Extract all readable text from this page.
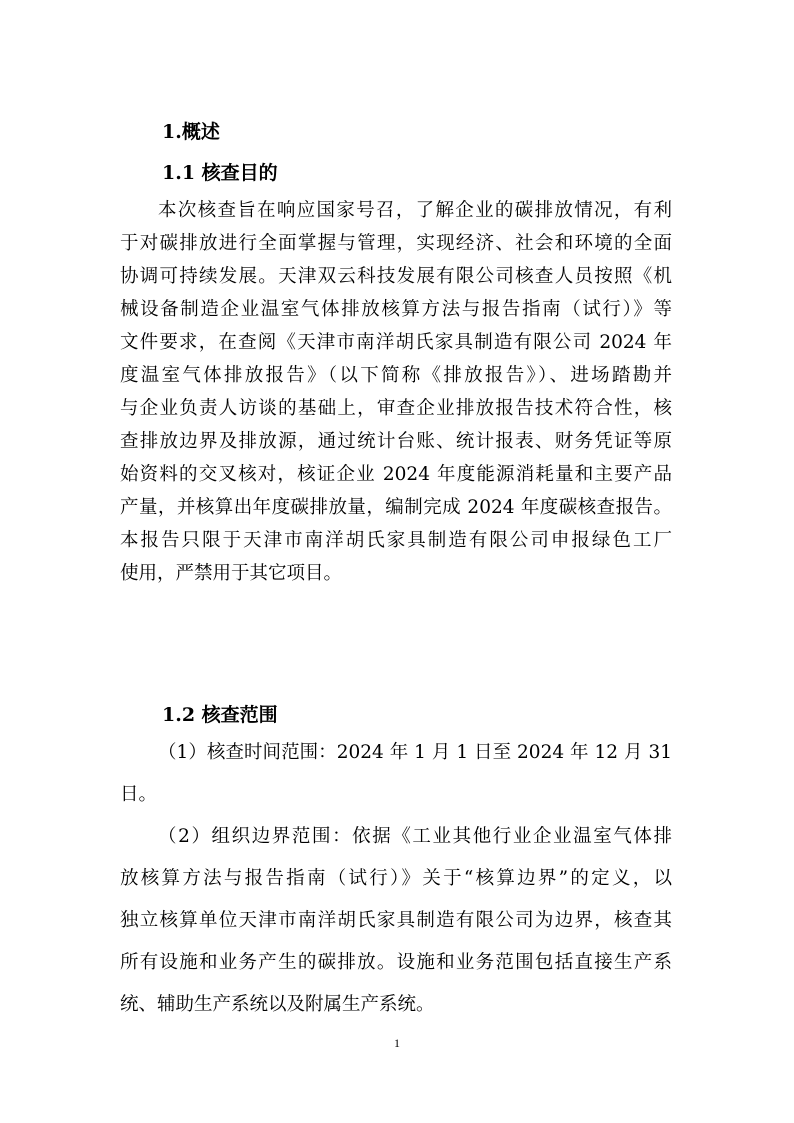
1.概述
1.1 核查目的
本次核查旨在响应国家号召，了解企业的碳排放情况，有利
于对碳排放进行全面掌握与管理，实现经济、社会和环境的全面
协调可持续发展。天津双云科技发展有限公司核查人员按照《机
械设备制造企业温室气体排放核算方法与报告指南（试行）》等
文件要求，在查阅《天津市南洋胡氏家具制造有限公司 2024 年
度温室气体排放报告》（以下简称《排放报告》）、进场踏勘并
与企业负责人访谈的基础上，审查企业排放报告技术符合性，核
查排放边界及排放源，通过统计台账、统计报表、财务凭证等原
始资料的交叉核对，核证企业 2024 年度能源消耗量和主要产品
产量，并核算出年度碳排放量，编制完成 2024 年度碳核查报告。
本报告只限于天津市南洋胡氏家具制造有限公司申报绿色工厂
使用，严禁用于其它项目。
1.2 核查范围
（1）核查时间范围：2024 年 1 月 1 日至 2024 年 12 月 31
日。
（2）组织边界范围：依据《工业其他行业企业温室气体排
放核算方法与报告指南（试行）》关于“核算边界”的定义，以
独立核算单位天津市南洋胡氏家具制造有限公司为边界，核查其
所有设施和业务产生的碳排放。设施和业务范围包括直接生产系
统、辅助生产系统以及附属生产系统。
1
